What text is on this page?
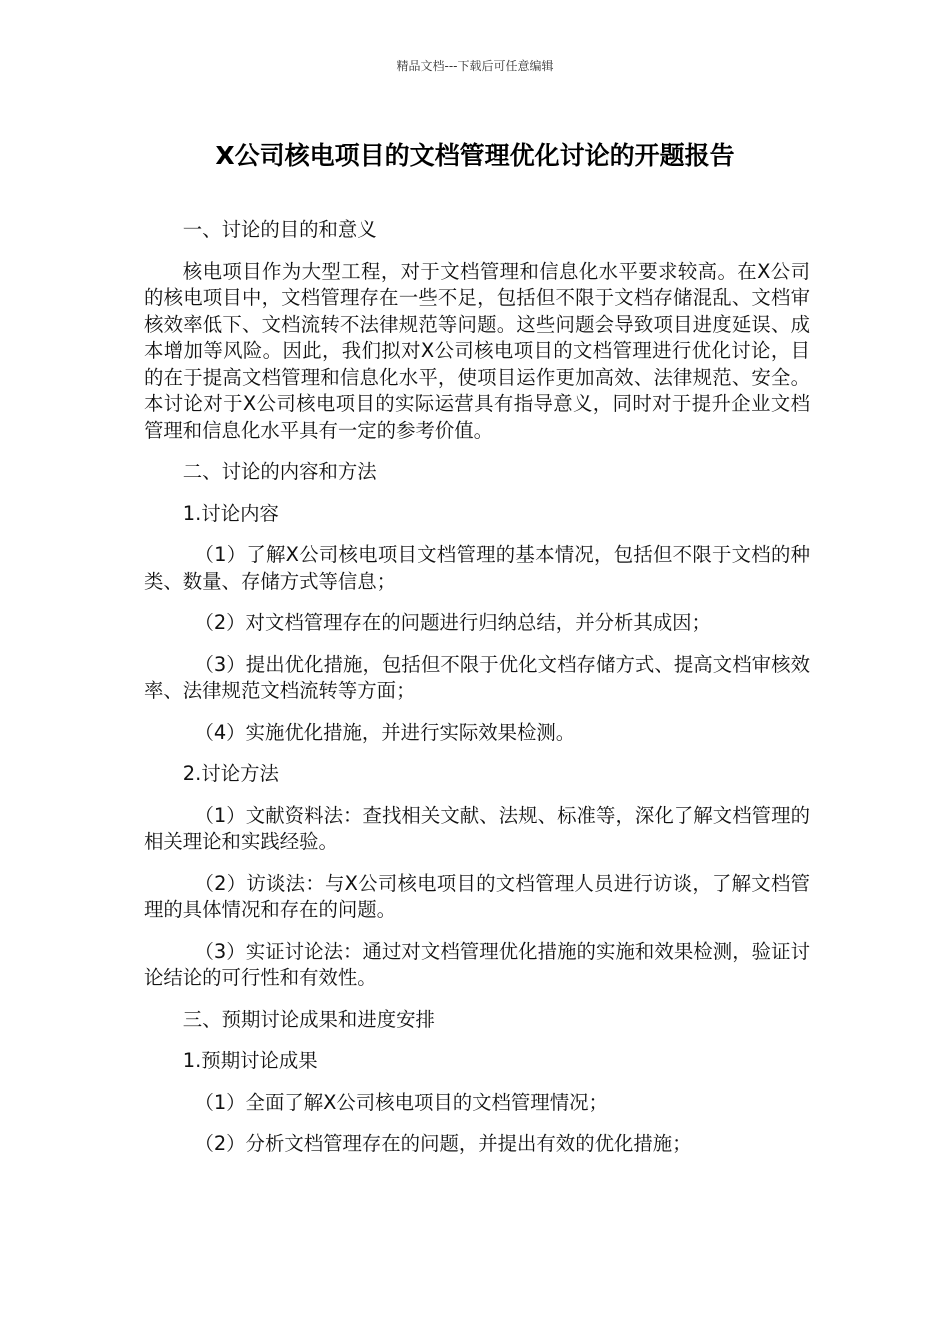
精品文档---下载后可任意编辑
X公司核电项目的文档管理优化讨论的开题报告

一、讨论的目的和意义

核电项目作为大型工程，对于文档管理和信息化水平要求较高。在X公司的核电项目中，文档管理存在一些不足，包括但不限于文档存储混乱、文档审核效率低下、文档流转不法律规范等问题。这些问题会导致项目进度延误、成本增加等风险。因此，我们拟对X公司核电项目的文档管理进行优化讨论，目的在于提高文档管理和信息化水平，使项目运作更加高效、法律规范、安全。本讨论对于X公司核电项目的实际运营具有指导意义，同时对于提升企业文档管理和信息化水平具有一定的参考价值。

二、讨论的内容和方法

1.讨论内容

（1）了解X公司核电项目文档管理的基本情况，包括但不限于文档的种类、数量、存储方式等信息；

（2）对文档管理存在的问题进行归纳总结，并分析其成因；

（3）提出优化措施，包括但不限于优化文档存储方式、提高文档审核效率、法律规范文档流转等方面；

（4）实施优化措施，并进行实际效果检测。

2.讨论方法

（1）文献资料法：查找相关文献、法规、标准等，深化了解文档管理的相关理论和实践经验。

（2）访谈法：与X公司核电项目的文档管理人员进行访谈，了解文档管理的具体情况和存在的问题。

（3）实证讨论法：通过对文档管理优化措施的实施和效果检测，验证讨论结论的可行性和有效性。

三、预期讨论成果和进度安排

1.预期讨论成果

（1）全面了解X公司核电项目的文档管理情况；

（2）分析文档管理存在的问题，并提出有效的优化措施；
